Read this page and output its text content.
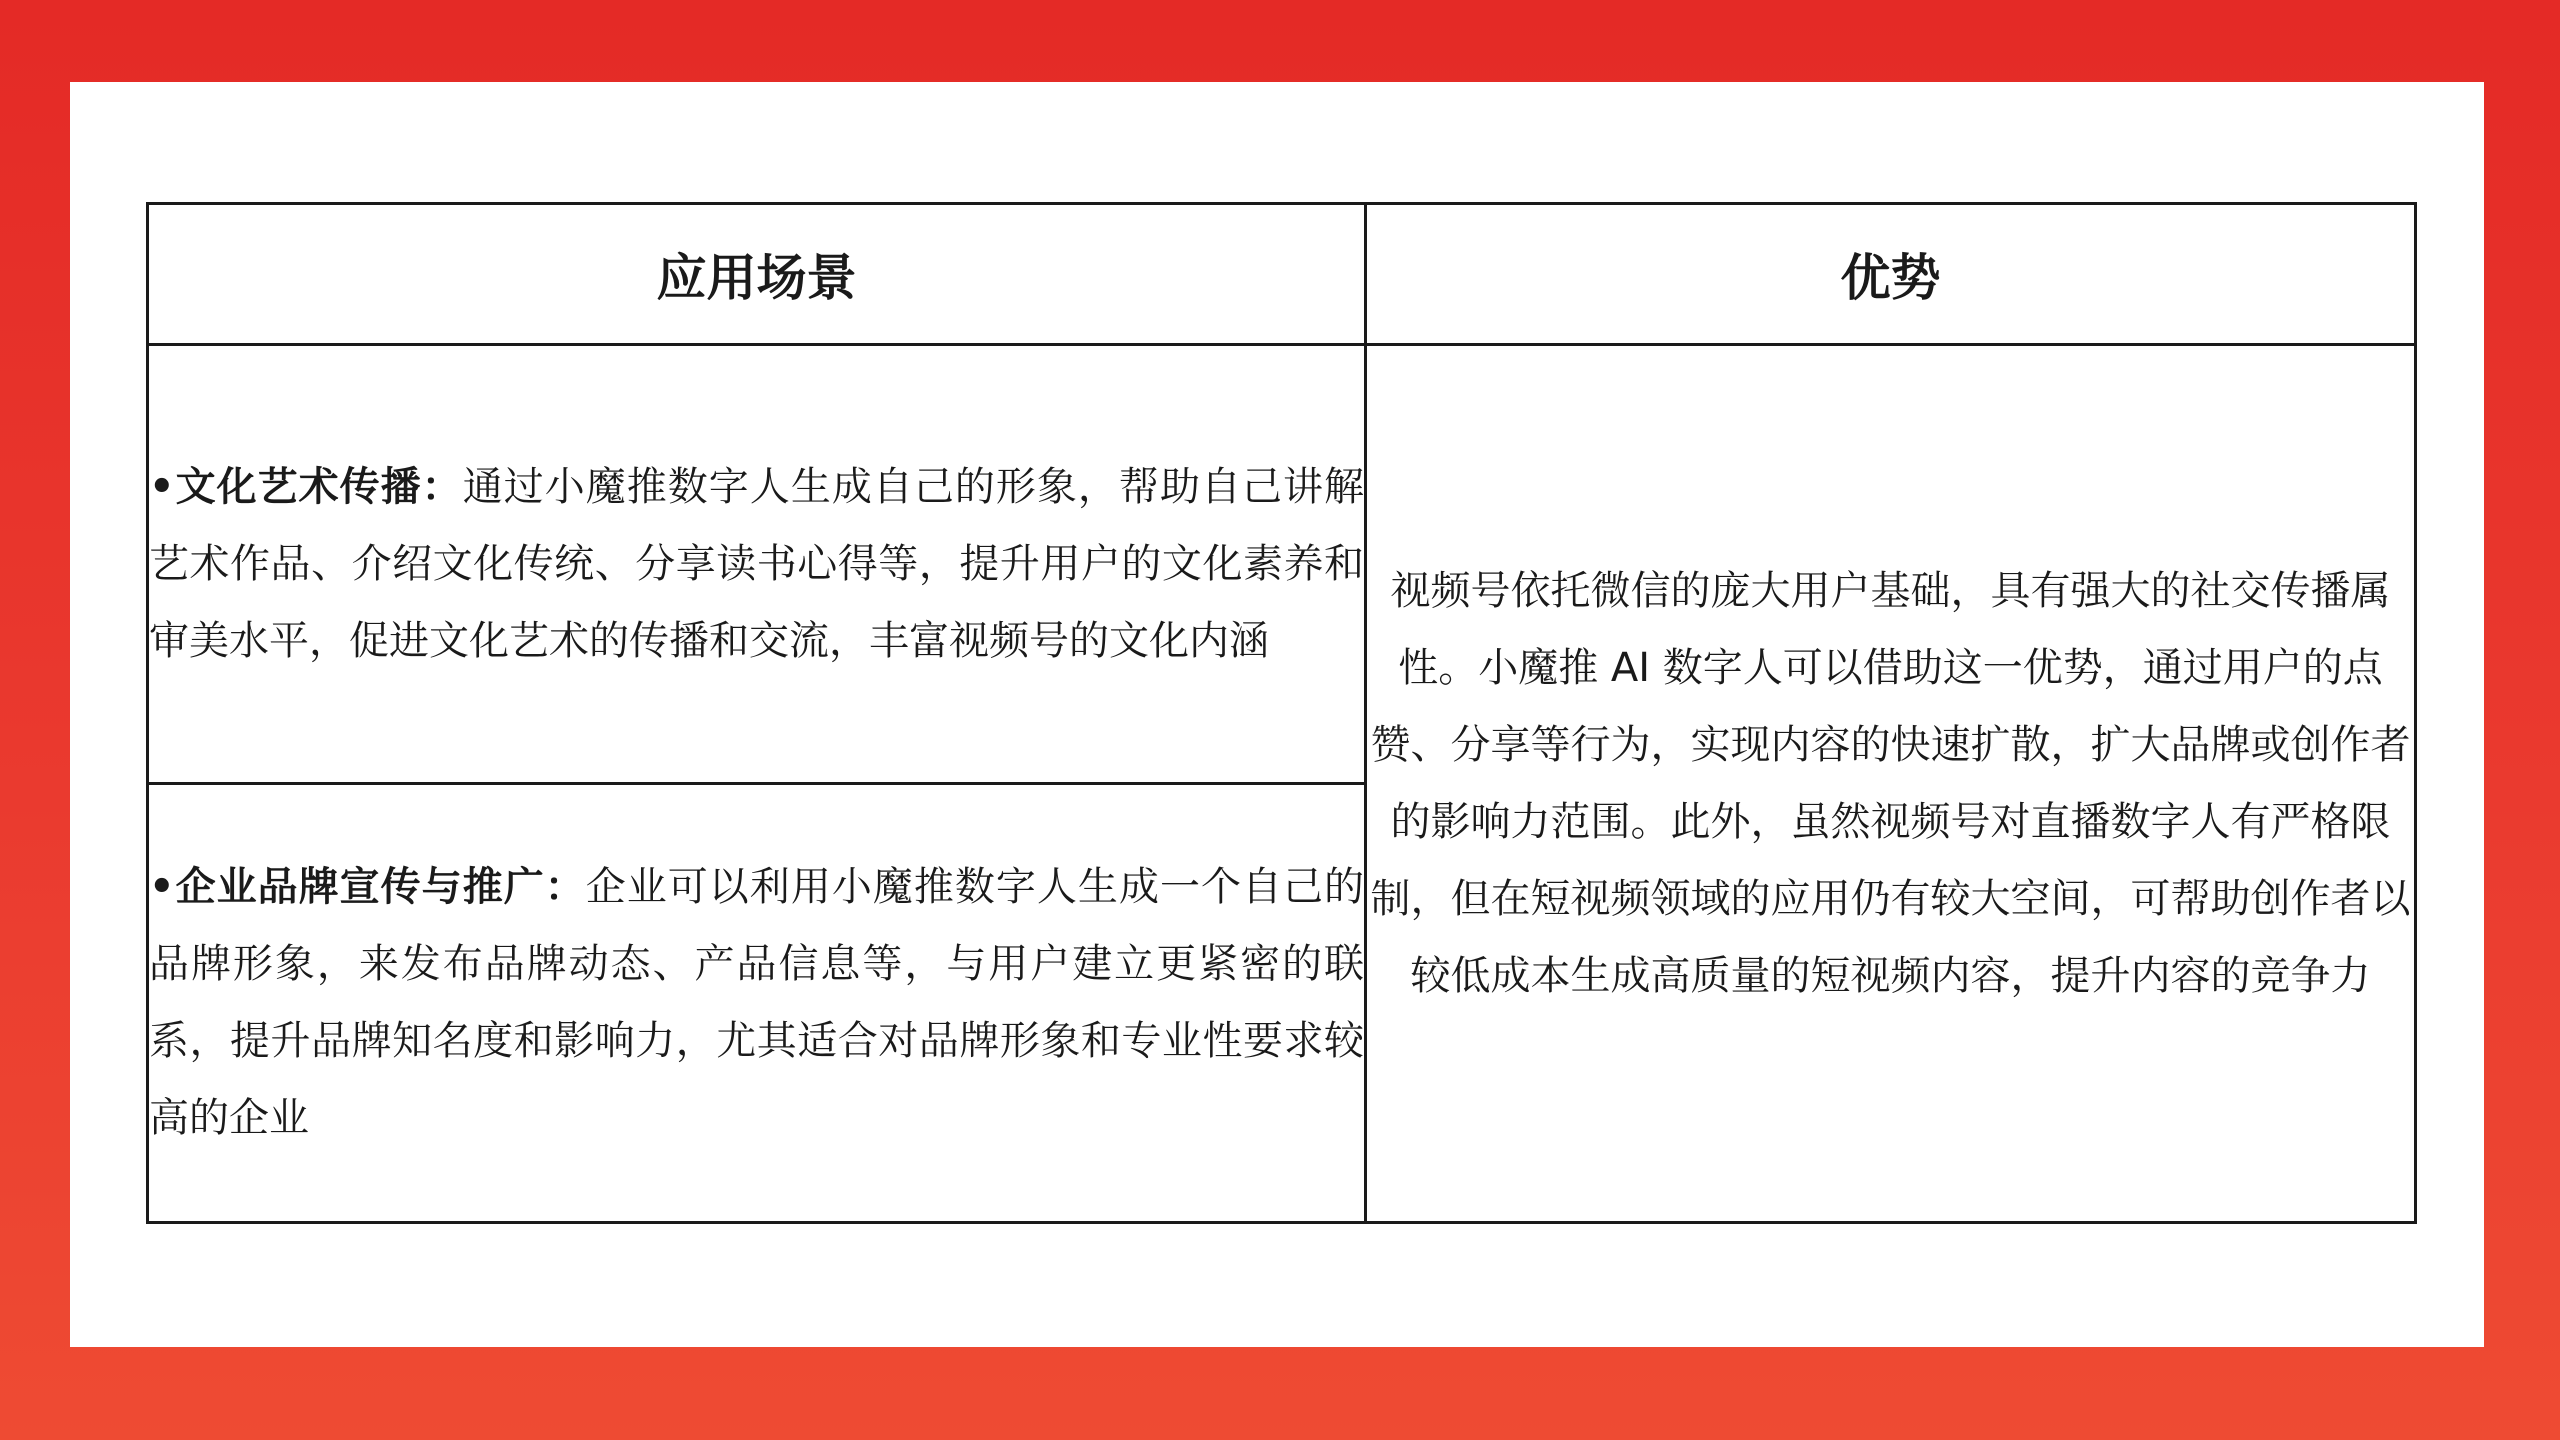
应用场景	优势

•文化艺术传播：通过小魔推数字人生成自己的形象，帮助自己讲解艺术作品、介绍文化传统、分享读书心得等，提升用户的文化素养和审美水平，促进文化艺术的传播和交流，丰富视频号的文化内涵	视频号依托微信的庞大用户基础，具有强大的社交传播属性。小魔推 AI 数字人可以借助这一优势，通过用户的点赞、分享等行为，实现内容的快速扩散，扩大品牌或创作者的影响力范围。此外，虽然视频号对直播数字人有严格限制，但在短视频领域的应用仍有较大空间，可帮助创作者以较低成本生成高质量的短视频内容，提升内容的竞争力

•企业品牌宣传与推广：企业可以利用小魔推数字人生成一个自己的品牌形象，来发布品牌动态、产品信息等，与用户建立更紧密的联系，提升品牌知名度和影响力，尤其适合对品牌形象和专业性要求较高的企业	
